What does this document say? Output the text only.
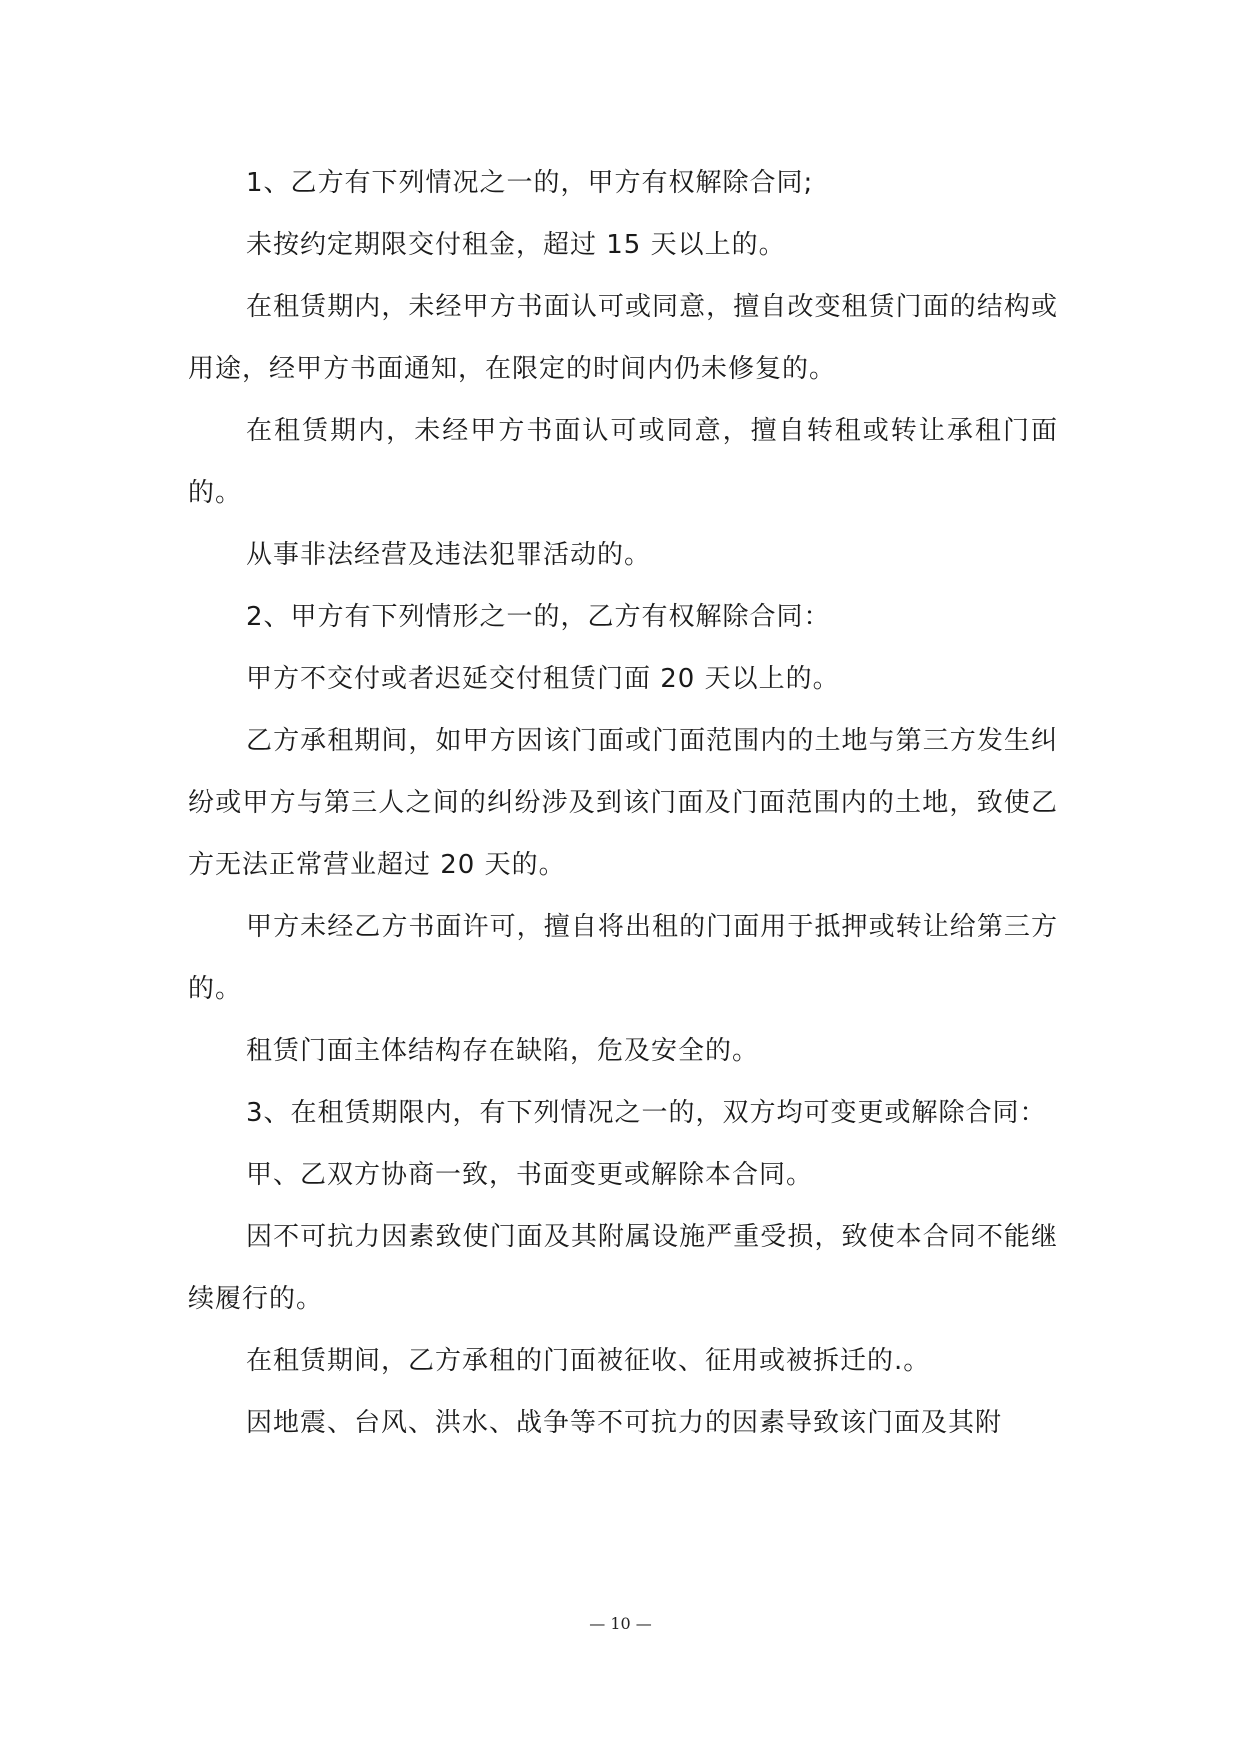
1、乙方有下列情况之一的，甲方有权解除合同;

未按约定期限交付租金，超过 15 天以上的。

在租赁期内，未经甲方书面认可或同意，擅自改变租赁门面的结构或用途，经甲方书面通知，在限定的时间内仍未修复的。

在租赁期内，未经甲方书面认可或同意，擅自转租或转让承租门面的。

从事非法经营及违法犯罪活动的。

2、甲方有下列情形之一的，乙方有权解除合同：

甲方不交付或者迟延交付租赁门面 20 天以上的。

乙方承租期间，如甲方因该门面或门面范围内的土地与第三方发生纠纷或甲方与第三人之间的纠纷涉及到该门面及门面范围内的土地，致使乙方无法正常营业超过 20 天的。

甲方未经乙方书面许可，擅自将出租的门面用于抵押或转让给第三方的。

租赁门面主体结构存在缺陷，危及安全的。

3、在租赁期限内，有下列情况之一的，双方均可变更或解除合同：

甲、乙双方协商一致，书面变更或解除本合同。

因不可抗力因素致使门面及其附属设施严重受损，致使本合同不能继续履行的。

在租赁期间，乙方承租的门面被征收、征用或被拆迁的.。

因地震、台风、洪水、战争等不可抗力的因素导致该门面及其附

— 10 —
